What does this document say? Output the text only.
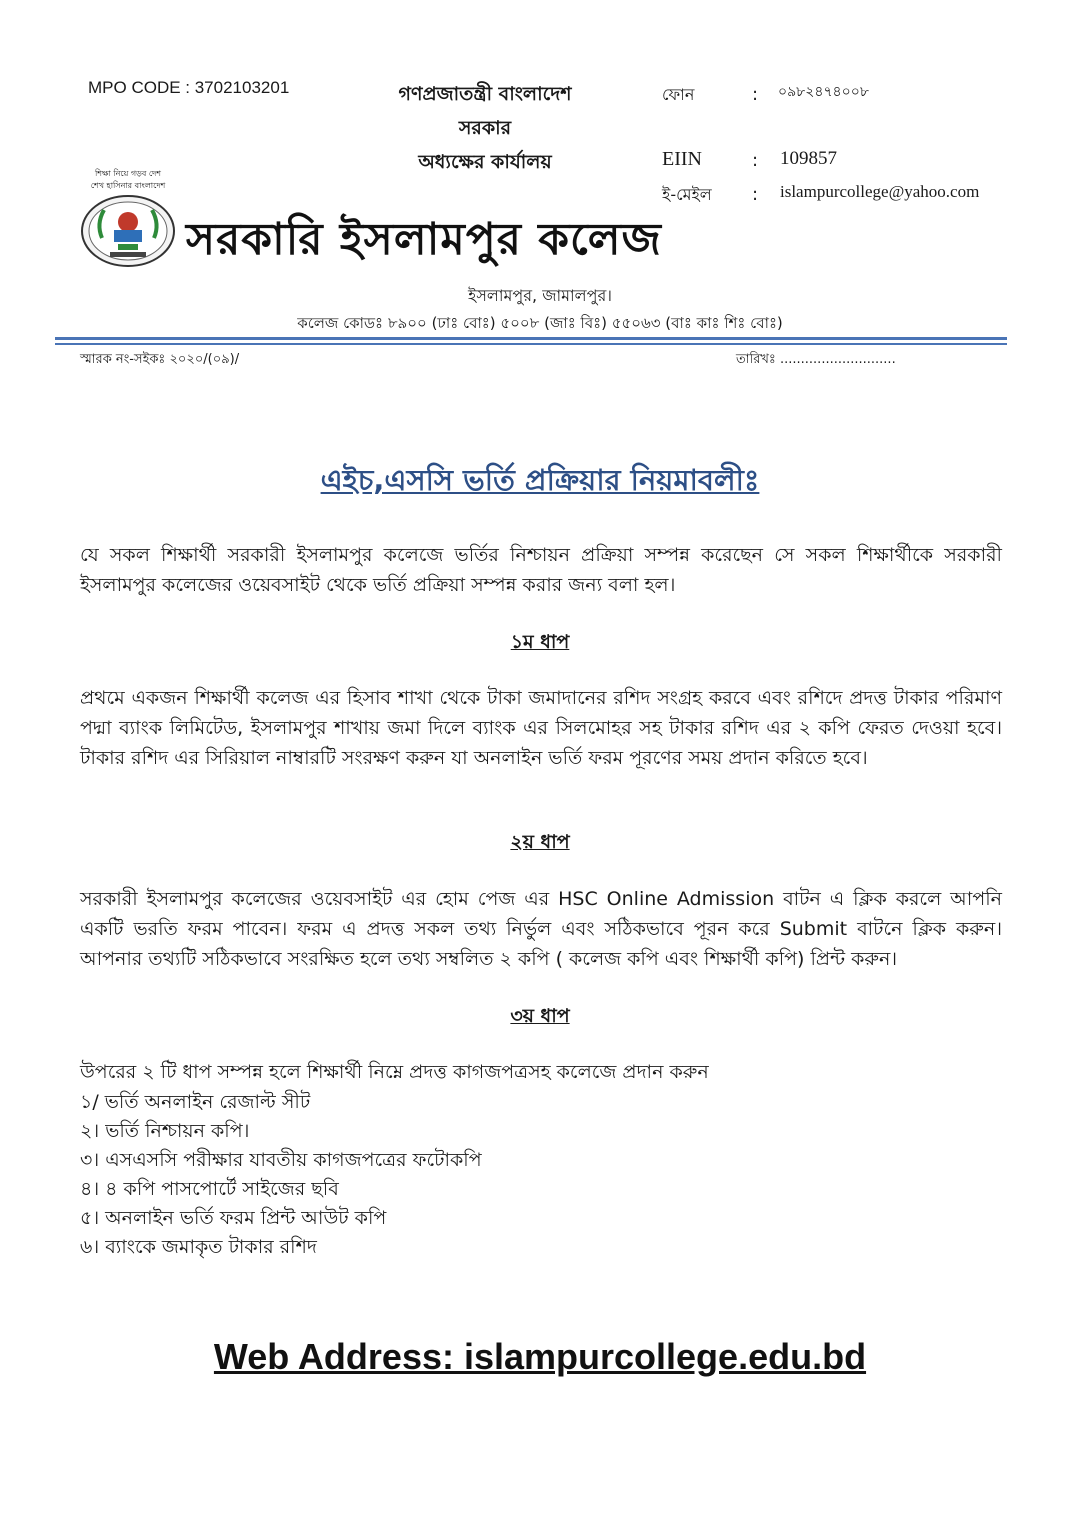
MPO CODE : 3702103201	গণপ্রজাতন্ত্রী বাংলাদেশ
সরকার
অধ্যক্ষের কার্যালয়
ফোন	: ০৯৮২৪৭৪০০৮
EIIN	: 109857
ই-মেইল : islampurcollege@yahoo.com
শিক্ষা নিয়ে গড়ব দেশ
শেখ হাসিনার বাংলাদেশ
সরকারি ইসলামপুর কলেজ
ইসলামপুর, জামালপুর।
কলেজ কোডঃ ৮৯০০ (ঢাঃ বোঃ) ৫০০৮ (জাঃ বিঃ) ৫৫০৬৩ (বাঃ কাঃ শিঃ বোঃ)
স্মারক নং-সইকঃ ২০২০/(০৯)/	তারিখঃ ............................
এইচ,এসসি ভর্তি প্রক্রিয়ার নিয়মাবলীঃ
যে সকল শিক্ষার্থী সরকারী ইসলামপুর কলেজে ভর্তির নিশ্চায়ন প্রক্রিয়া সম্পন্ন করেছেন সে সকল শিক্ষার্থীকে সরকারী ইসলামপুর কলেজের ওয়েবসাইট থেকে ভর্তি প্রক্রিয়া সম্পন্ন করার জন্য বলা হল।
১ম ধাপ
প্রথমে একজন শিক্ষার্থী কলেজ এর হিসাব শাখা থেকে টাকা জমাদানের রশিদ সংগ্রহ করবে এবং রশিদে প্রদত্ত টাকার পরিমাণ পদ্মা ব্যাংক লিমিটেড, ইসলামপুর শাখায় জমা দিলে ব্যাংক এর সিলমোহর সহ টাকার রশিদ এর ২ কপি ফেরত দেওয়া হবে। টাকার রশিদ এর সিরিয়াল নাম্বারটি সংরক্ষণ করুন যা অনলাইন ভর্তি ফরম পূরণের সময় প্রদান করিতে হবে।
২য় ধাপ
সরকারী ইসলামপুর কলেজের ওয়েবসাইট এর হোম পেজ এর HSC Online Admission বাটন এ ক্লিক করলে আপনি একটি ভরতি ফরম পাবেন। ফরম এ প্রদত্ত সকল তথ্য নির্ভুল এবং সঠিকভাবে পূরন করে Submit বাটনে ক্লিক করুন। আপনার তথ্যটি সঠিকভাবে সংরক্ষিত হলে তথ্য সম্বলিত ২ কপি ( কলেজ কপি এবং শিক্ষার্থী কপি) প্রিন্ট করুন।
৩য় ধাপ
উপরের ২ টি ধাপ সম্পন্ন হলে শিক্ষার্থী নিম্নে প্রদত্ত কাগজপত্রসহ কলেজে প্রদান করুন
১/ ভর্তি অনলাইন রেজাল্ট সীট
২। ভর্তি নিশ্চায়ন কপি।
৩। এসএসসি পরীক্ষার যাবতীয় কাগজপত্রের ফটোকপি
৪। ৪ কপি পাসপোর্টে সাইজের ছবি
৫। অনলাইন ভর্তি ফরম প্রিন্ট আউট কপি
৬। ব্যাংকে জমাকৃত টাকার রশিদ
Web Address: islampurcollege.edu.bd
